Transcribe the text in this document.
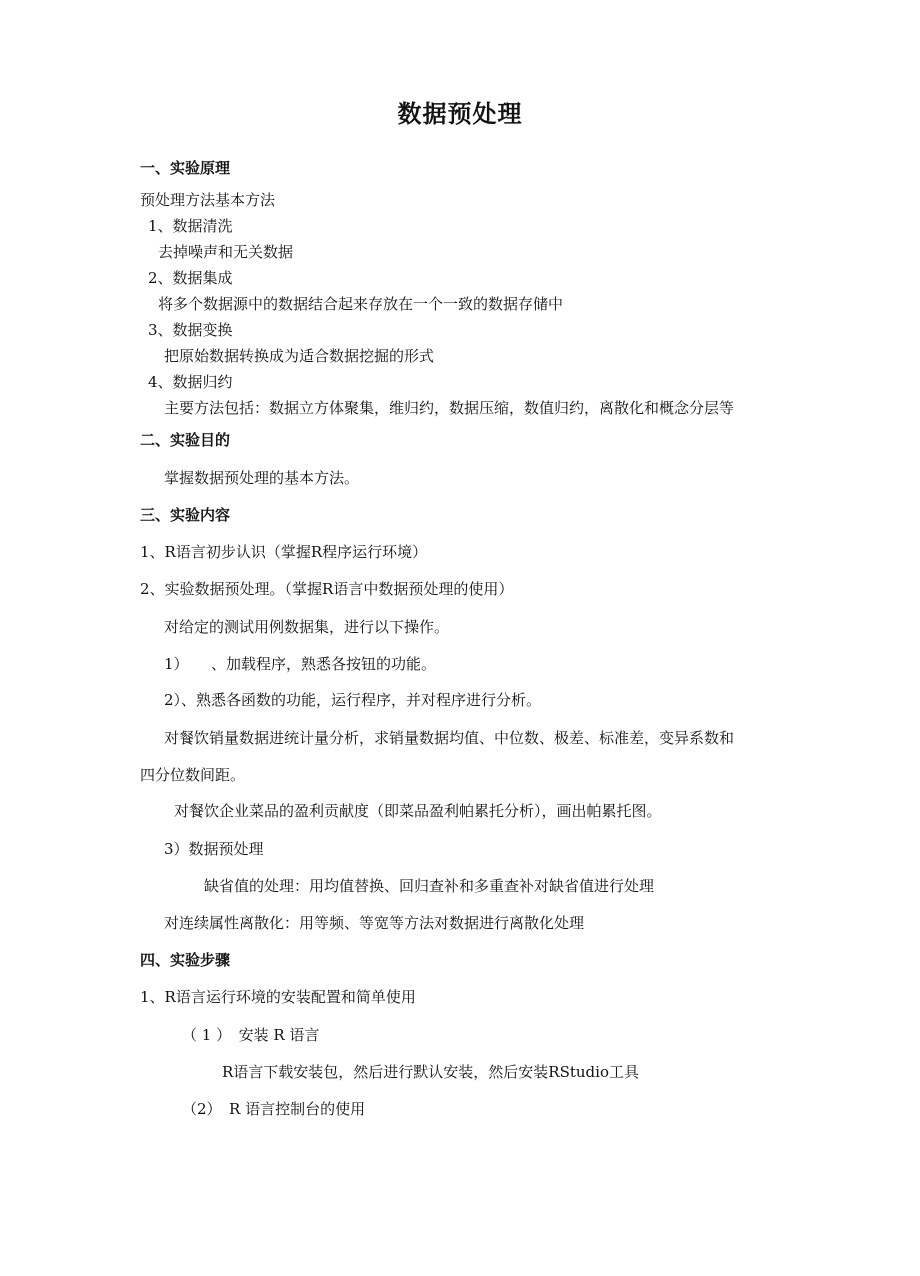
数据预处理
一、实验原理
预处理方法基本方法
1、数据清洗
去掉噪声和无关数据
2、数据集成
将多个数据源中的数据结合起来存放在一个一致的数据存储中
3、数据变换
把原始数据转换成为适合数据挖掘的形式
4、数据归约
主要方法包括：数据立方体聚集，维归约，数据压缩，数值归约，离散化和概念分层等
二、实验目的
掌握数据预处理的基本方法。
三、实验内容
1、R语言初步认识（掌握R程序运行环境）
2、实验数据预处理。（掌握R语言中数据预处理的使用）
对给定的测试用例数据集，进行以下操作。
1）　　、加载程序，熟悉各按钮的功能。
2）、熟悉各函数的功能，运行程序，并对程序进行分析。
对餐饮销量数据进统计量分析，求销量数据均值、中位数、极差、标准差，变异系数和
四分位数间距。
对餐饮企业菜品的盈利贡献度（即菜品盈利帕累托分析），画出帕累托图。
3）数据预处理
缺省值的处理：用均值替换、回归查补和多重查补对缺省值进行处理
对连续属性离散化：用等频、等宽等方法对数据进行离散化处理
四、实验步骤
1、R语言运行环境的安装配置和简单使用
（ 1 ）　安装 R 语言
R语言下载安装包，然后进行默认安装，然后安装RStudio工具
（2）　R 语言控制台的使用
